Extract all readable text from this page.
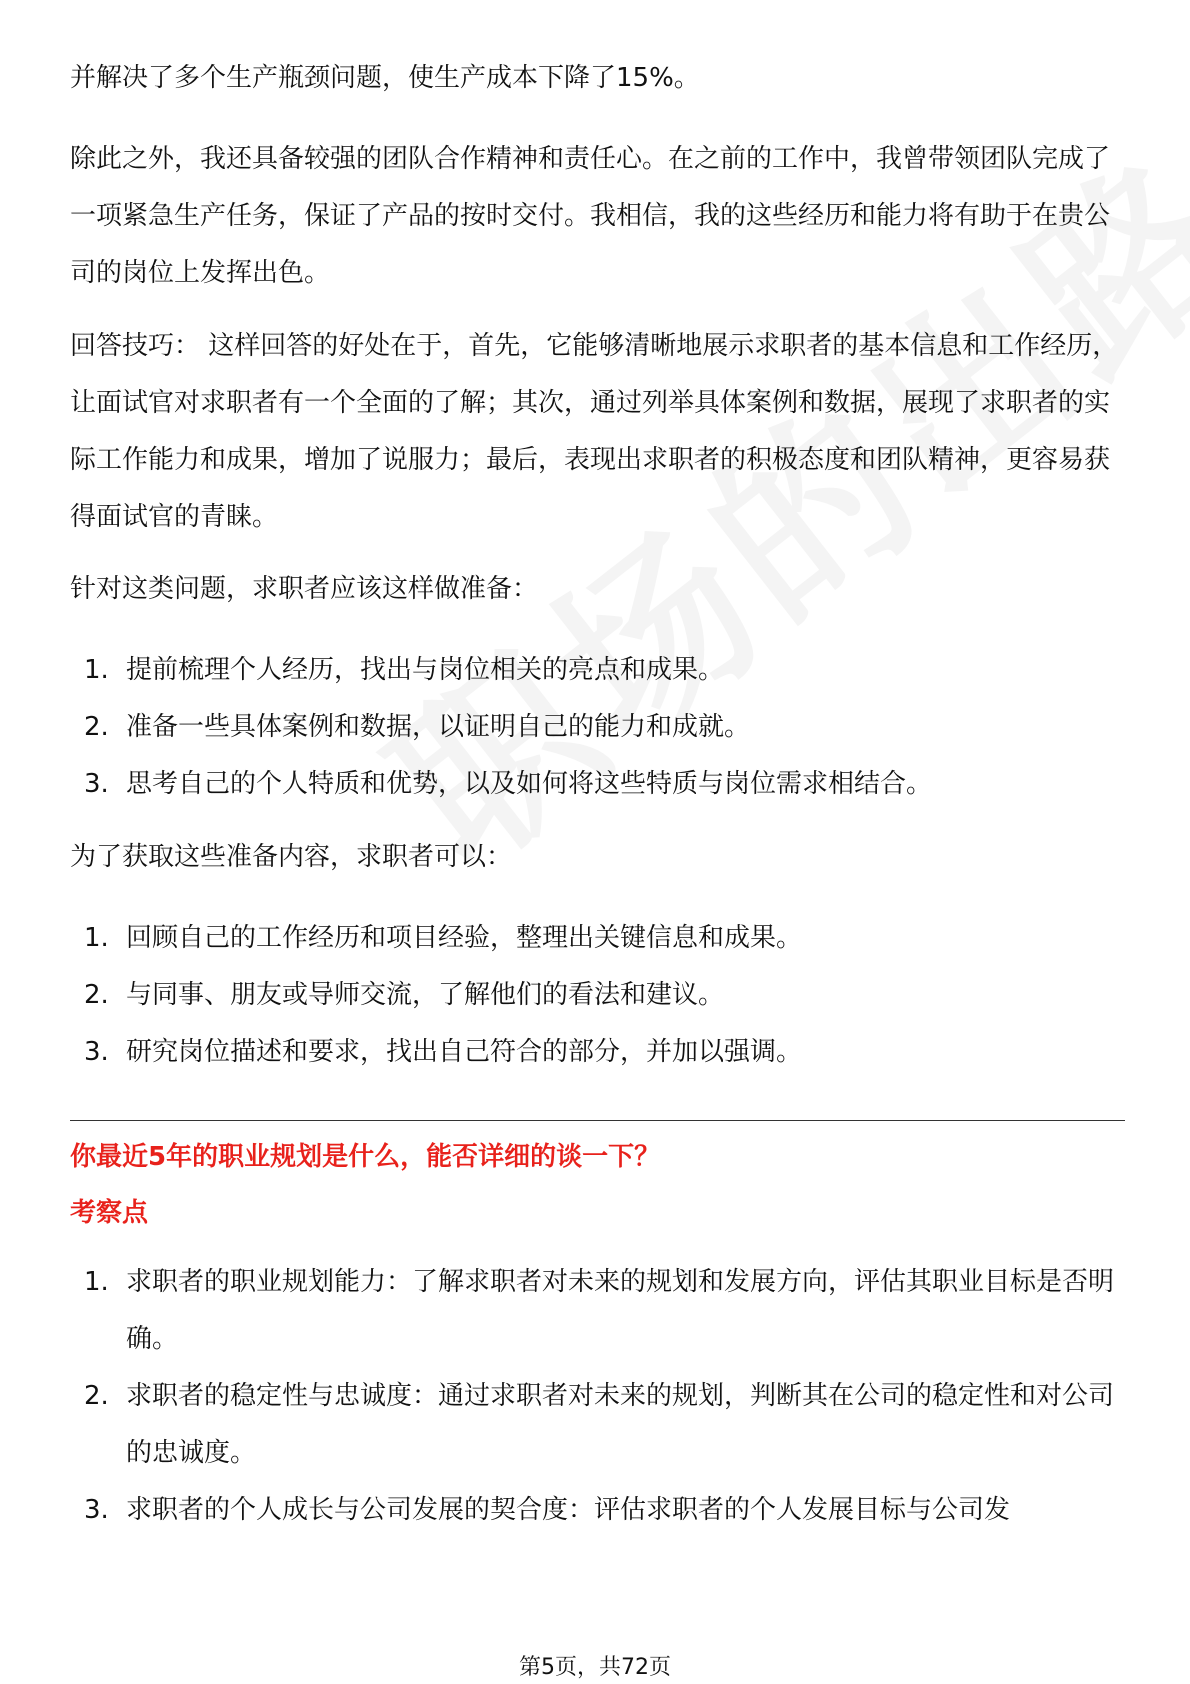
并解决了多个生产瓶颈问题，使生产成本下降了15%。

除此之外，我还具备较强的团队合作精神和责任心。在之前的工作中，我曾带领团队完成了一项紧急生产任务，保证了产品的按时交付。我相信，我的这些经历和能力将有助于在贵公司的岗位上发挥出色。

回答技巧： 这样回答的好处在于，首先，它能够清晰地展示求职者的基本信息和工作经历，让面试官对求职者有一个全面的了解；其次，通过列举具体案例和数据，展现了求职者的实际工作能力和成果，增加了说服力；最后，表现出求职者的积极态度和团队精神，更容易获得面试官的青睐。

针对这类问题，求职者应该这样做准备：

1. 提前梳理个人经历，找出与岗位相关的亮点和成果。
2. 准备一些具体案例和数据，以证明自己的能力和成就。
3. 思考自己的个人特质和优势，以及如何将这些特质与岗位需求相结合。

为了获取这些准备内容，求职者可以：

1. 回顾自己的工作经历和项目经验，整理出关键信息和成果。
2. 与同事、朋友或导师交流，了解他们的看法和建议。
3. 研究岗位描述和要求，找出自己符合的部分，并加以强调。
你最近5年的职业规划是什么，能否详细的谈一下？
考察点
1. 求职者的职业规划能力：了解求职者对未来的规划和发展方向，评估其职业目标是否明确。
2. 求职者的稳定性与忠诚度：通过求职者对未来的规划，判断其在公司的稳定性和对公司的忠诚度。
3. 求职者的个人成长与公司发展的契合度：评估求职者的个人发展目标与公司发
第5页，共72页
